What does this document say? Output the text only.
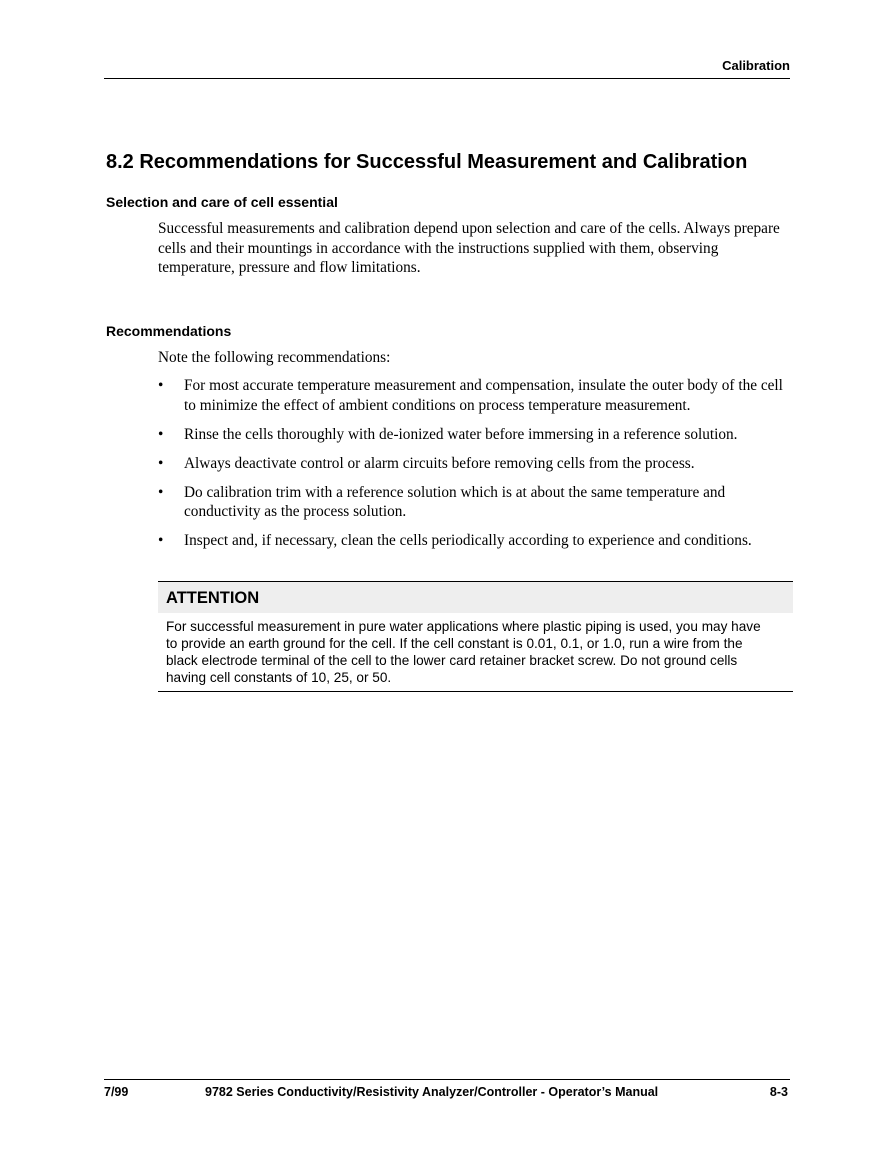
Calibration
8.2 Recommendations for Successful Measurement and Calibration
Selection and care of cell essential

Successful measurements and calibration depend upon selection and care of the cells. Always prepare cells and their mountings in accordance with the instructions supplied with them, observing temperature, pressure and flow limitations.

Recommendations

Note the following recommendations:

• For most accurate temperature measurement and compensation, insulate the outer body of the cell to minimize the effect of ambient conditions on process temperature measurement.
• Rinse the cells thoroughly with de-ionized water before immersing in a reference solution.
• Always deactivate control or alarm circuits before removing cells from the process.
• Do calibration trim with a reference solution which is at about the same temperature and conductivity as the process solution.
• Inspect and, if necessary, clean the cells periodically according to experience and conditions.
ATTENTION
For successful measurement in pure water applications where plastic piping is used, you may have to provide an earth ground for the cell. If the cell constant is 0.01, 0.1, or 1.0, run a wire from the black electrode terminal of the cell to the lower card retainer bracket screw. Do not ground cells having cell constants of 10, 25, or 50.
7/99	9782 Series Conductivity/Resistivity Analyzer/Controller - Operator’s Manual	8-3
